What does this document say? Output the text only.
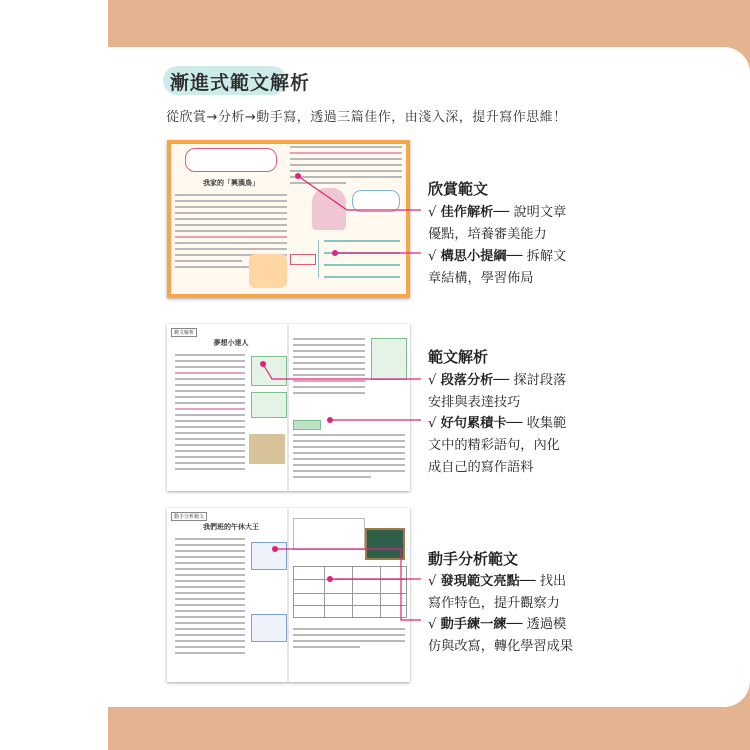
漸進式範文解析
從欣賞→分析→動手寫，透過三篇佳作，由淺入深，提升寫作思維！
我家的「興漢鳥」
範文解析
夢想小達人
動手分析範文
我們班的午休大王
欣賞範文
√ 佳作解析── 說明文章
優點，培養審美能力
√ 構思小提綱── 拆解文
章結構，學習佈局
範文解析
√ 段落分析── 探討段落
安排與表達技巧
√ 好句累積卡── 收集範
文中的精彩語句，內化
成自己的寫作語料
動手分析範文
√ 發現範文亮點── 找出
寫作特色，提升觀察力
√ 動手練一練── 透過模
仿與改寫，轉化學習成果
